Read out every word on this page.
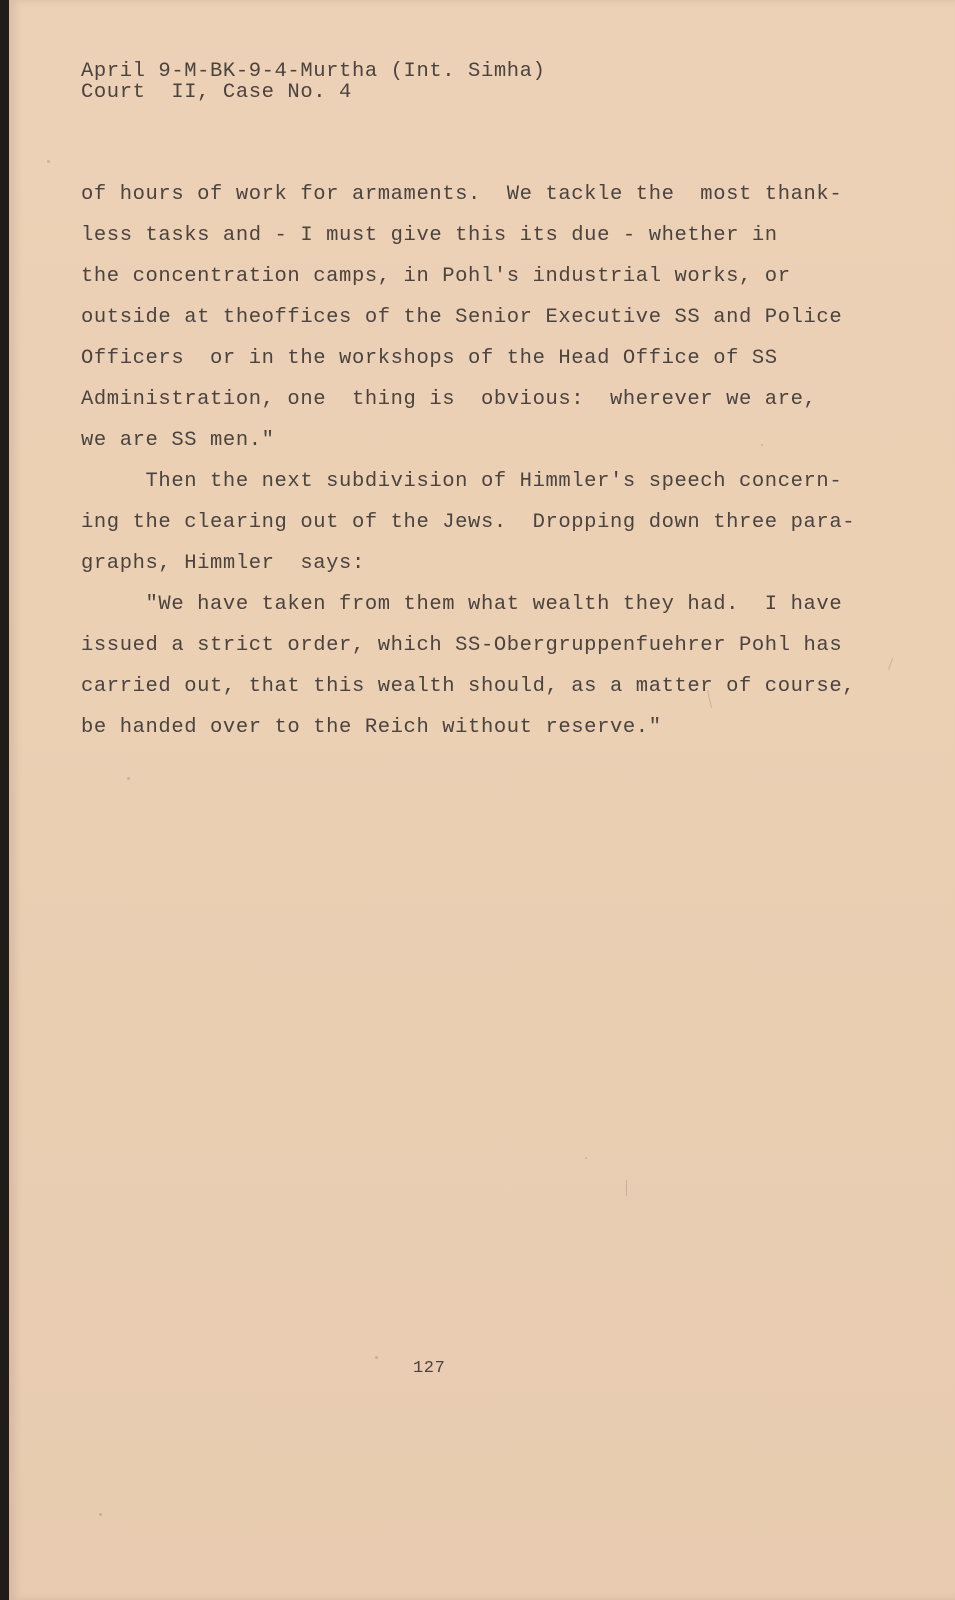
April 9-M-BK-9-4-Murtha (Int. Simha)
Court  II, Case No. 4
of hours of work for armaments.  We tackle the  most thank-
less tasks and - I must give this its due - whether in
the concentration camps, in Pohl's industrial works, or
outside at theoffices of the Senior Executive SS and Police
Officers  or in the workshops of the Head Office of SS
Administration, one  thing is  obvious:  wherever we are,
we are SS men."
Then the next subdivision of Himmler's speech concern-
ing the clearing out of the Jews.  Dropping down three para-
graphs, Himmler  says:
"We have taken from them what wealth they had.  I have
issued a strict order, which SS-Obergruppenfuehrer Pohl has
carried out, that this wealth should, as a matter of course,
be handed over to the Reich without reserve."
127
